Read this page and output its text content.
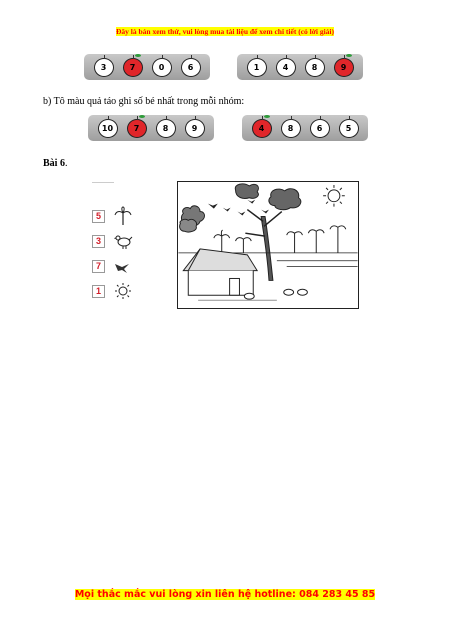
Đây là bản xem thử, vui lòng mua tài liệu để xem chi tiết (có lời giải)
3	7	0	6	1	4	8	9
b) Tô màu quả táo ghi số bé nhất trong mỗi nhóm:
10	7	8	9	4	8	6	5
Bài 6.
5
3
7
1
Mọi thắc mắc vui lòng xin liên hệ hotline: 084 283 45 85
